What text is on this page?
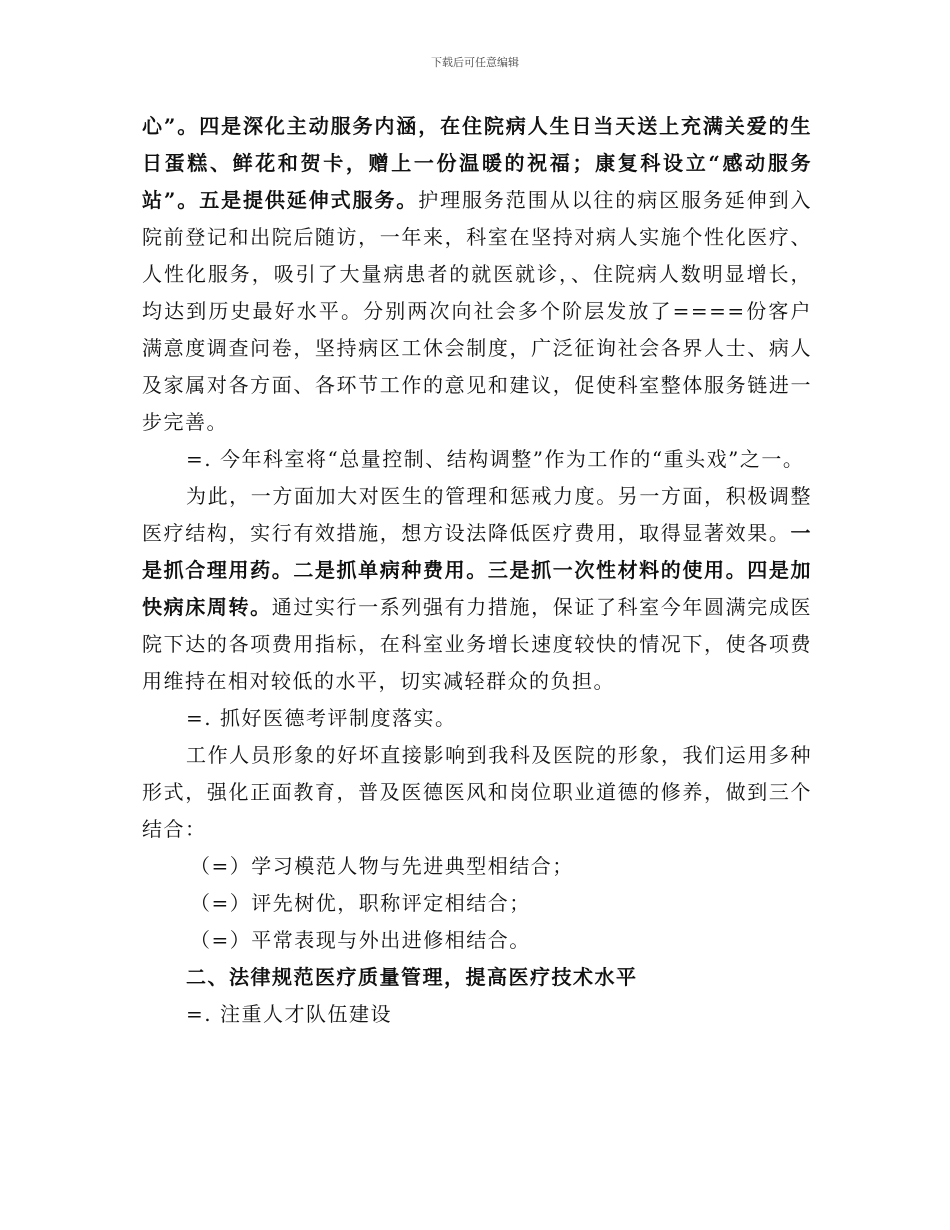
下载后可任意编辑

心”。四是深化主动服务内涵，在住院病人生日当天送上充满关爱的生日蛋糕、鲜花和贺卡，赠上一份温暖的祝福；康复科设立“感动服务站”。五是提供延伸式服务。护理服务范围从以往的病区服务延伸到入院前登记和出院后随访，一年来，科室在坚持对病人实施个性化医疗、人性化服务，吸引了大量病患者的就医就诊，、住院病人数明显增长，均达到历史最好水平。分别两次向社会多个阶层发放了====份客户满意度调查问卷，坚持病区工休会制度，广泛征询社会各界人士、病人及家属对各方面、各环节工作的意见和建议，促使科室整体服务链进一步完善。

=. 今年科室将“总量控制、结构调整”作为工作的“重头戏”之一。

为此，一方面加大对医生的管理和惩戒力度。另一方面，积极调整医疗结构，实行有效措施，想方设法降低医疗费用，取得显著效果。一是抓合理用药。二是抓单病种费用。三是抓一次性材料的使用。四是加快病床周转。通过实行一系列强有力措施，保证了科室今年圆满完成医院下达的各项费用指标，在科室业务增长速度较快的情况下，使各项费用维持在相对较低的水平，切实减轻群众的负担。

=. 抓好医德考评制度落实。

工作人员形象的好坏直接影响到我科及医院的形象，我们运用多种形式，强化正面教育，普及医德医风和岗位职业道德的修养，做到三个结合：

（=）学习模范人物与先进典型相结合；

（=）评先树优，职称评定相结合；

（=）平常表现与外出进修相结合。

二、法律规范医疗质量管理，提高医疗技术水平

=. 注重人才队伍建设
